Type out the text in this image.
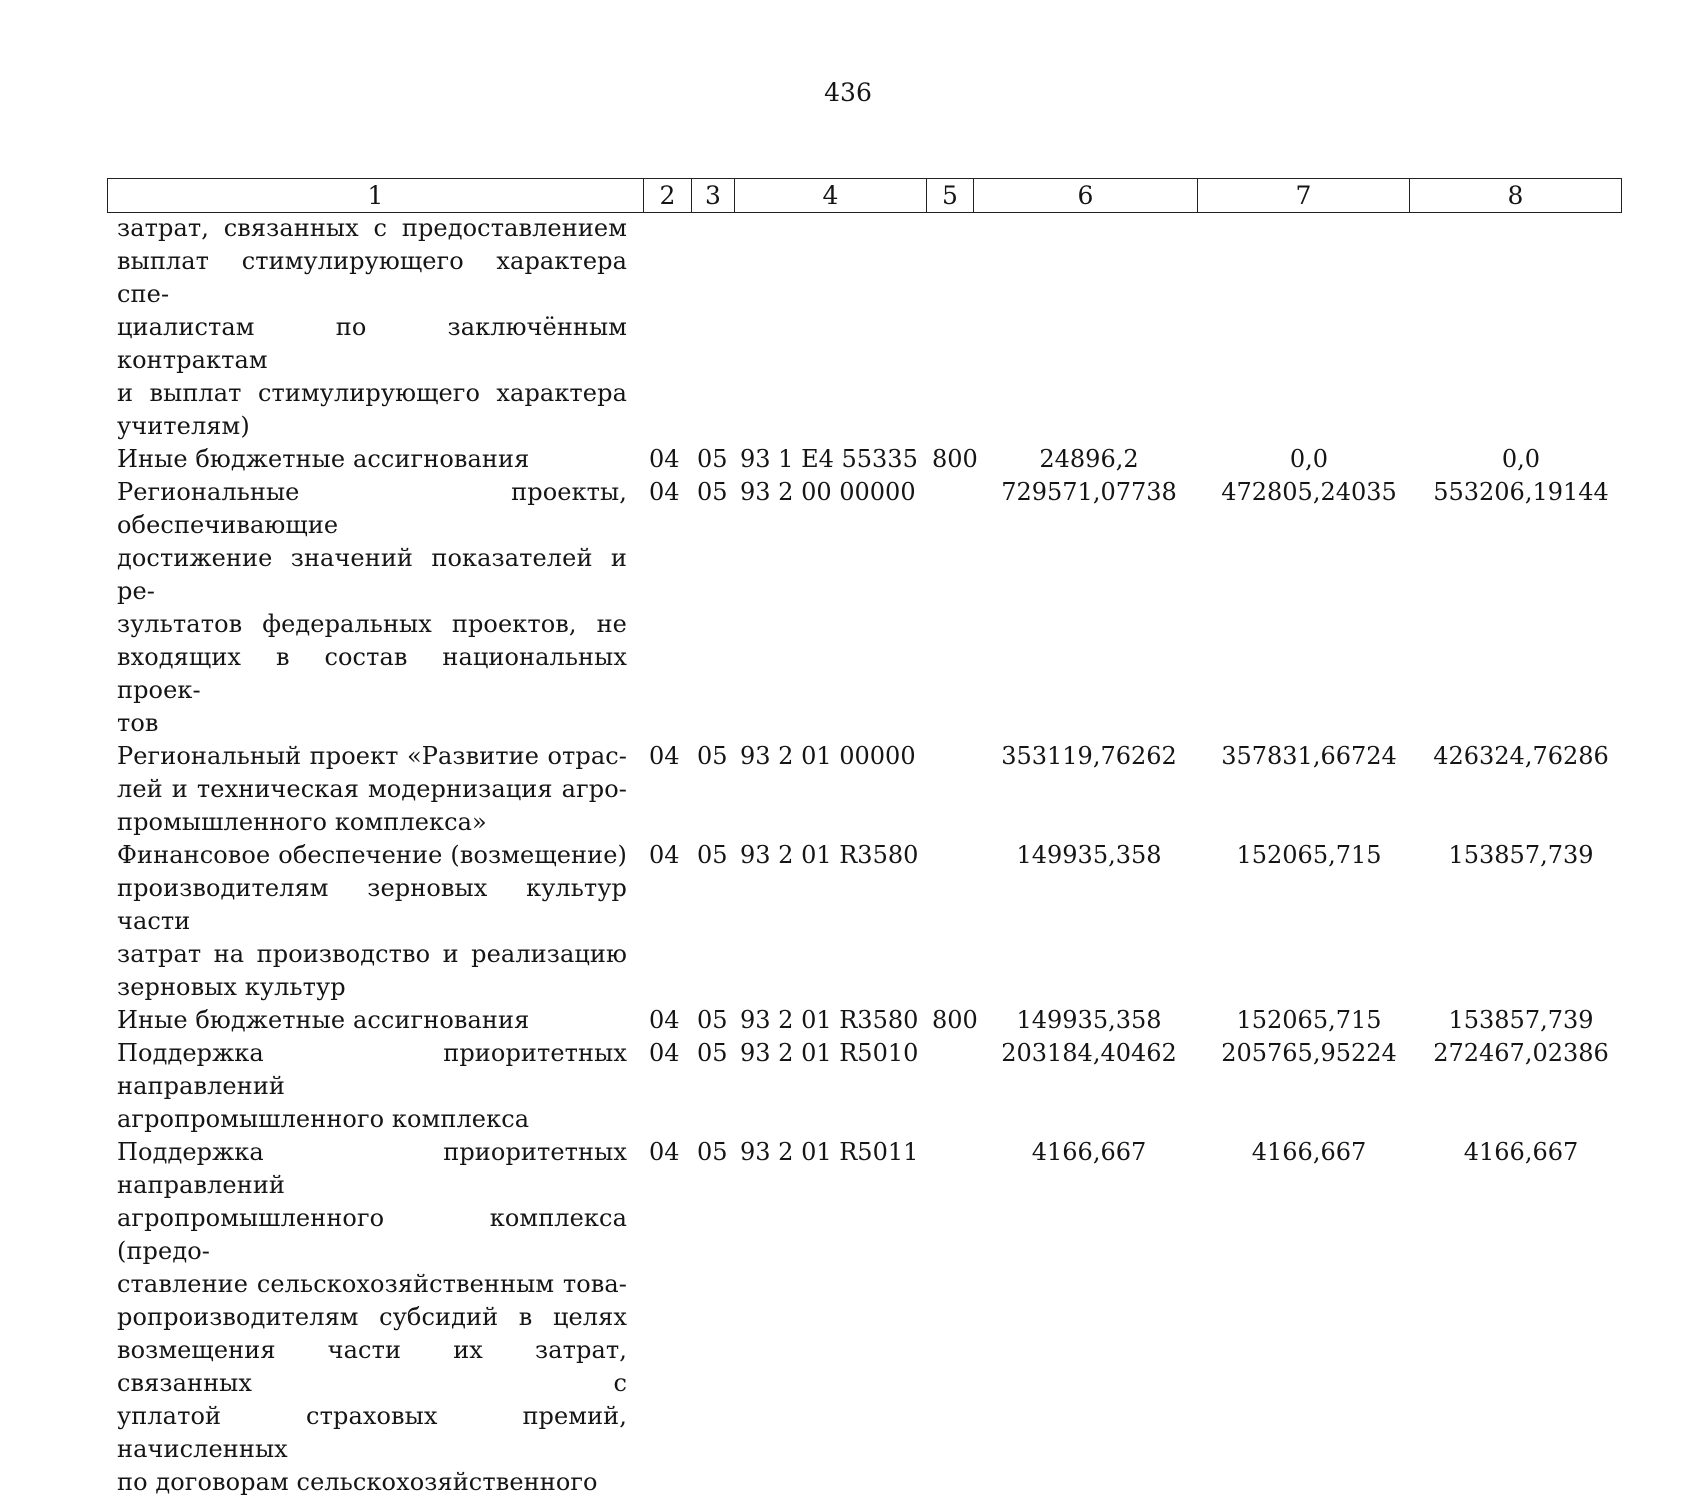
436
1	2	3	4	5	6	7	8
затрат, связанных с предоставлением
выплат стимулирующего характера спе-
циалистам по заключённым контрактам
и выплат стимулирующего характера
учителям)
Иные бюджетные ассигнования	04 05 93 1 E4 55335 800	24896,2	0,0	0,0
Региональные проекты, обеспечивающие
достижение значений показателей и ре-
зультатов федеральных проектов, не
входящих в состав национальных проек-
тов
04 05 93 2 00 00000	729571,07738	472805,24035	553206,19144
Региональный проект «Развитие отрас-
лей и техническая модернизация агро-
промышленного комплекса»
04 05 93 2 01 00000	353119,76262	357831,66724	426324,76286
Финансовое обеспечение (возмещение)
производителям зерновых культур части
затрат на производство и реализацию
зерновых культур
04 05 93 2 01 R3580	149935,358	152065,715	153857,739
Иные бюджетные ассигнования	04 05 93 2 01 R3580 800	149935,358	152065,715	153857,739
Поддержка приоритетных направлений
агропромышленного комплекса
04 05 93 2 01 R5010	203184,40462	205765,95224	272467,02386
Поддержка приоритетных направлений
агропромышленного комплекса (предо-
ставление сельскохозяйственным това-
ропроизводителям субсидий в целях
возмещения части их затрат, связанных с
уплатой страховых премий, начисленных
по договорам сельскохозяйственного
04 05 93 2 01 R5011	4166,667	4166,667	4166,667
